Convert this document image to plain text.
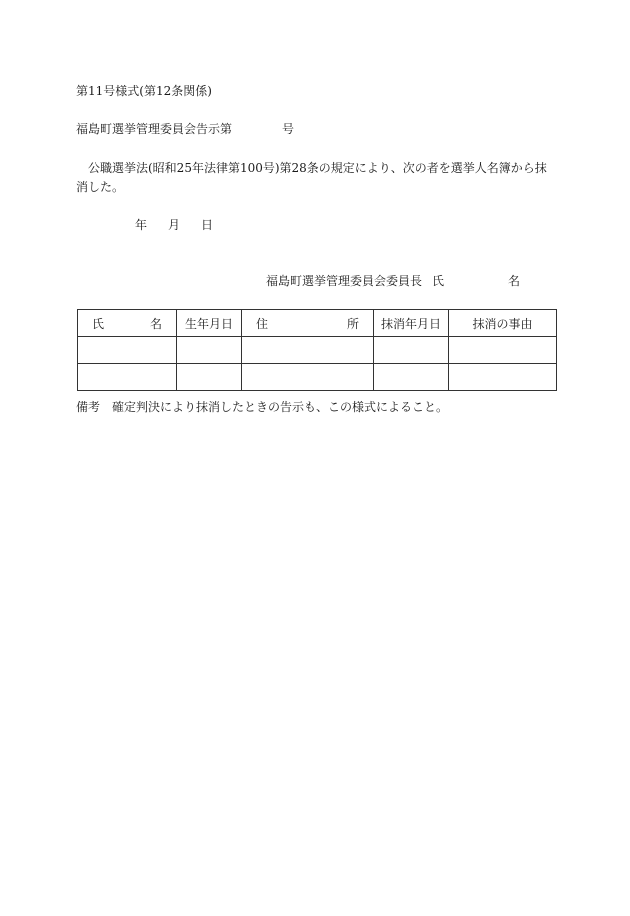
第11号様式(第12条関係)
福島町選挙管理委員会告示第	号
公職選挙法(昭和25年法律第100号)第28条の規定により、次の者を選挙人名簿から抹消した。
年 月 日
福島町選挙管理委員会委員長 氏	名
氏 名	生年月日	住 所	抹消年月日	抹消の事由

備考 確定判決により抹消したときの告示も、この様式によること。
